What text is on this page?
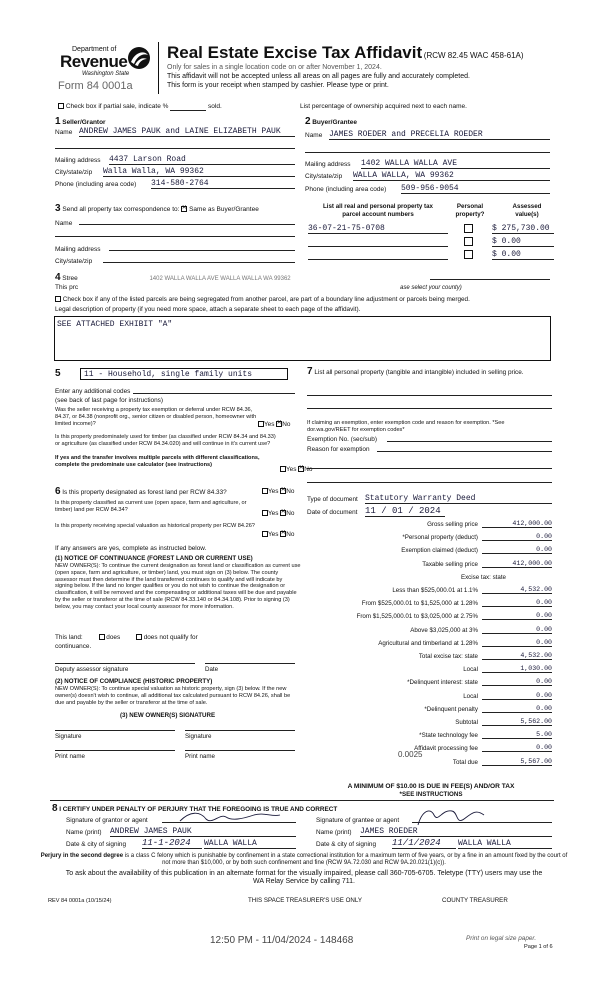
Department of
Revenue
Washington State
Form 84 0001a
Real Estate Excise Tax Affidavit (RCW 82.45 WAC 458-61A)
Only for sales in a single location code on or after November 1, 2024.
This affidavit will not be accepted unless all areas on all pages are fully and accurately completed.
This form is your receipt when stamped by cashier. Please type or print.
Check box if partial sale, indicate %	sold.	List percentage of ownership acquired next to each name.
1 Seller/Grantor
Name ANDREW JAMES PAUK and LAINE ELIZABETH PAUK
Mailing address 4437 Larson Road
City/state/zip Walla Walla, WA 99362
Phone (including area code) 314-580-2764
2 Buyer/Grantee
Name JAMES ROEDER and PRECELIA ROEDER
Mailing address 1402 WALLA WALLA AVE
City/state/zip WALLA WALLA, WA 99362
Phone (including area code) 509-956-9054
3 Send all property tax correspondence to: ✕ Same as Buyer/Grantee
Name
Mailing address
City/state/zip
List all real and personal property tax
parcel account numbers
Personal
property?
Assessed
value(s)
36-07-21-75-0708	$ 275,730.00
$ 0.00
$ 0.00
4 Stree	1402 WALLA WALLA AVE WALLA WALLA WA 99362
This prc	ase select your county)
Check box if any of the listed parcels are being segregated from another parcel, are part of a boundary line adjustment or parcels being merged.
Legal description of property (if you need more space, attach a separate sheet to each page of the affidavit).
SEE ATTACHED EXHIBIT "A"
5	11 - Household, single family units
Enter any additional codes
(see back of last page for instructions)
Was the seller receiving a property tax exemption or deferral under RCW 84.36, 84.37, or 84.38 (nonprofit org., senior citizen or disabled person, homeowner with limited income)?	Yes ✕ No
Is this property predominately used for timber (as classified under RCW 84.34 and 84.33) or agriculture (as classified under RCW 84.34.020) and will continue in it's current use?
If yes and the transfer involves multiple parcels with different classifications, complete the predominate use calculator (see instructions)
Yes ✕ No
6 Is this property designated as forest land per RCW 84.33?	Yes ✕ No
Is this property classified as current use (open space, farm and agriculture, or timber) land per RCW 84.34?
Yes ✕ No
Is this property receiving special valuation as historical property per RCW 84.26?
Yes ✕ No
If any answers are yes, complete as instructed below.
(1) NOTICE OF CONTINUANCE (FOREST LAND OR CURRENT USE)
NEW OWNER(S): To continue the current designation as forest land or classification as current use (open space, farm and agriculture, or timber) land, you must sign on (3) below. The county assessor must then determine if the land transferred continues to qualify and will indicate by signing below. If the land no longer qualifies or you do not wish to continue the designation or classification, it will be removed and the compensating or additional taxes will be due and payable by the seller or transferor at the time of sale (RCW 84.33.140 or 84.34.108). Prior to signing (3) below, you may contact your local county assessor for more information.
This land:	does	does not qualify for
continuance.
Deputy assessor signature	Date
(2) NOTICE OF COMPLIANCE (HISTORIC PROPERTY)
NEW OWNER(S): To continue special valuation as historic property, sign (3) below. If the new owner(s) doesn't wish to continue, all additional tax calculated pursuant to RCW 84.26, shall be due and payable by the seller or transferor at the time of sale.
(3) NEW OWNER(S) SIGNATURE
Signature	Signature
Print name	Print name
7 List all personal property (tangible and intangible) included in selling price.
If claiming an exemption, enter exemption code and reason for exemption. *See dor.wa.gov/REET for exemption codes*
Exemption No. (sec/sub)
Reason for exemption
Type of document Statutory Warranty Deed
Date of document 11 / 01 / 2024
Gross selling price	412,000.00
*Personal property (deduct)	0.00
Exemption claimed (deduct)	0.00
Taxable selling price	412,000.00
Excise tax: state
Less than $525,000.01 at 1.1%	4,532.00
From $525,000.01 to $1,525,000 at 1.28%	0.00
From $1,525,000.01 to $3,025,000 at 2.75%	0.00
Above $3,025,000 at 3%	0.00
Agricultural and timberland at 1.28%	0.00
Total excise tax: state	4,532.00
Local	1,030.00
*Delinquent interest: state	0.00
Local	0.00
*Delinquent penalty	0.00
Subtotal	5,562.00
*State technology fee	5.00
Affidavit processing fee	0.00
Total due	5,567.00
0.0025
A MINIMUM OF $10.00 IS DUE IN FEE(S) AND/OR TAX
*SEE INSTRUCTIONS
8 I CERTIFY UNDER PENALTY OF PERJURY THAT THE FOREGOING IS TRUE AND CORRECT
Signature of grantor or agent
Name (print) ANDREW JAMES PAUK
Date & city of signing 11-1-2024	WALLA WALLA
Signature of grantee or agent
Name (print) JAMES ROEDER
Date & city of signing 11/1/2024	WALLA WALLA
Perjury in the second degree is a class C felony which is punishable by confinement in a state correctional institution for a maximum term of five years, or by a fine in an amount fixed by the court of not more than $10,000, or by both such confinement and fine (RCW 9A.72.030 and RCW 9A.20.021(1)(c)).
To ask about the availability of this publication in an alternate format for the visually impaired, please call 360-705-6705. Teletype (TTY) users may use the WA Relay Service by calling 711.
REV 84 0001a (10/15/24)	THIS SPACE TREASURER'S USE ONLY	COUNTY TREASURER
12:50 PM - 11/04/2024 - 148468	Print on legal size paper.
Page 1 of 6
